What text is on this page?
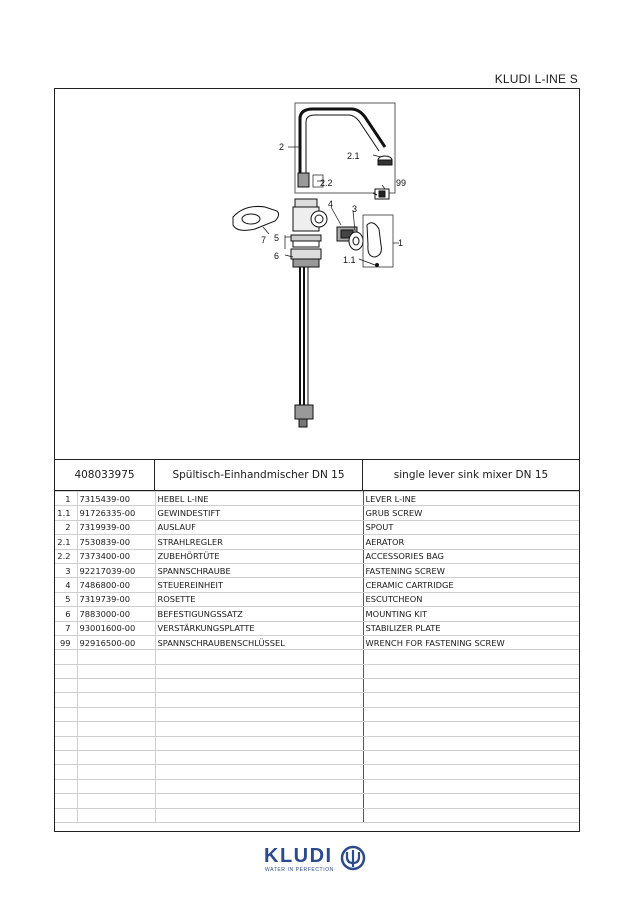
KLUDI L-INE S
2
2.1
2.2	99
4 3
7 5	1
6	1.1
408033975	Spültisch-Einhandmischer DN 15	single lever sink mixer DN 15
1	7315439-00	HEBEL L-INE	LEVER L-INE
1.1	91726335-00	GEWINDESTIFT	GRUB SCREW
2	7319939-00	AUSLAUF	SPOUT
2.1	7530839-00	STRAHLREGLER	AERATOR
2.2	7373400-00	ZUBEHÖRTÜTE	ACCESSORIES BAG
3	92217039-00	SPANNSCHRAUBE	FASTENING SCREW
4	7486800-00	STEUEREINHEIT	CERAMIC CARTRIDGE
5	7319739-00	ROSETTE	ESCUTCHEON
6	7883000-00	BEFESTIGUNGSSATZ	MOUNTING KIT
7	93001600-00	VERSTÄRKUNGSPLATTE	STABILIZER PLATE
99	92916500-00	SPANNSCHRAUBENSCHLÜSSEL	WRENCH FOR FASTENING SCREW

KLUDI
WATER IN PERFECTION
